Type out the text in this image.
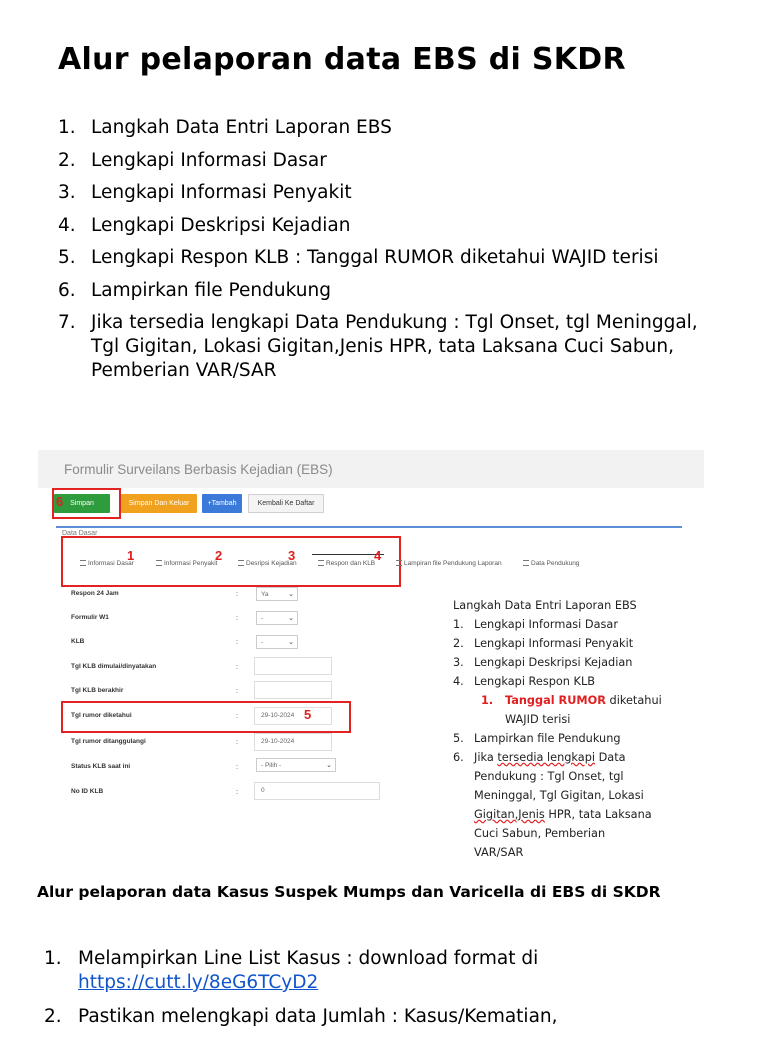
Alur pelaporan data EBS di SKDR
1. Langkah Data Entri Laporan EBS
2. Lengkapi Informasi Dasar
3. Lengkapi Informasi Penyakit
4. Lengkapi Deskripsi Kejadian
5. Lengkapi Respon KLB : Tanggal RUMOR diketahui WAJID terisi
6. Lampirkan file Pendukung
7. Jika tersedia lengkapi Data Pendukung : Tgl Onset, tgl Meninggal, Tgl Gigitan, Lokasi Gigitan,Jenis HPR, tata Laksana Cuci Sabun, Pemberian VAR/SAR
Formulir Surveilans Berbasis Kejadian (EBS)
Simpan	Simpan Dan Keluar	+Tambah	Kembali Ke Daftar
6
Data Dasar
Informasi Dasar	Informasi Penyakit	Desripsi Kejadian	Respon dan KLB	Lampiran file Pendukung Laporan	Data Pendukung
1	2	3	4
Respon 24 Jam	:	Ya	⌄
Formulir W1	:	-	⌄
KLB	:	-	⌄
Tgl KLB dimulai/dinyatakan	:
Tgl KLB berakhir	:
Tgl rumor diketahui	:	29-10-2024 5
Tgl rumor ditanggulangi	:	29-10-2024
Status KLB saat ini	:	- Pilih -	⌄
No ID KLB	:	0
Langkah Data Entri Laporan EBS
1. Lengkapi Informasi Dasar
2. Lengkapi Informasi Penyakit
3. Lengkapi Deskripsi Kejadian
4. Lengkapi Respon KLB
1. Tanggal RUMOR diketahui
WAJID terisi
5. Lampirkan file Pendukung
6. Jika tersedia lengkapi Data
Pendukung : Tgl Onset, tgl
Meninggal, Tgl Gigitan, Lokasi
Gigitan,Jenis HPR, tata Laksana
Cuci Sabun, Pemberian
VAR/SAR
Alur pelaporan data Kasus Suspek Mumps dan Varicella di EBS di SKDR
1. Melampirkan Line List Kasus : download format di
https://cutt.ly/8eG6TCyD2
2. Pastikan melengkapi data Jumlah : Kasus/Kematian,
